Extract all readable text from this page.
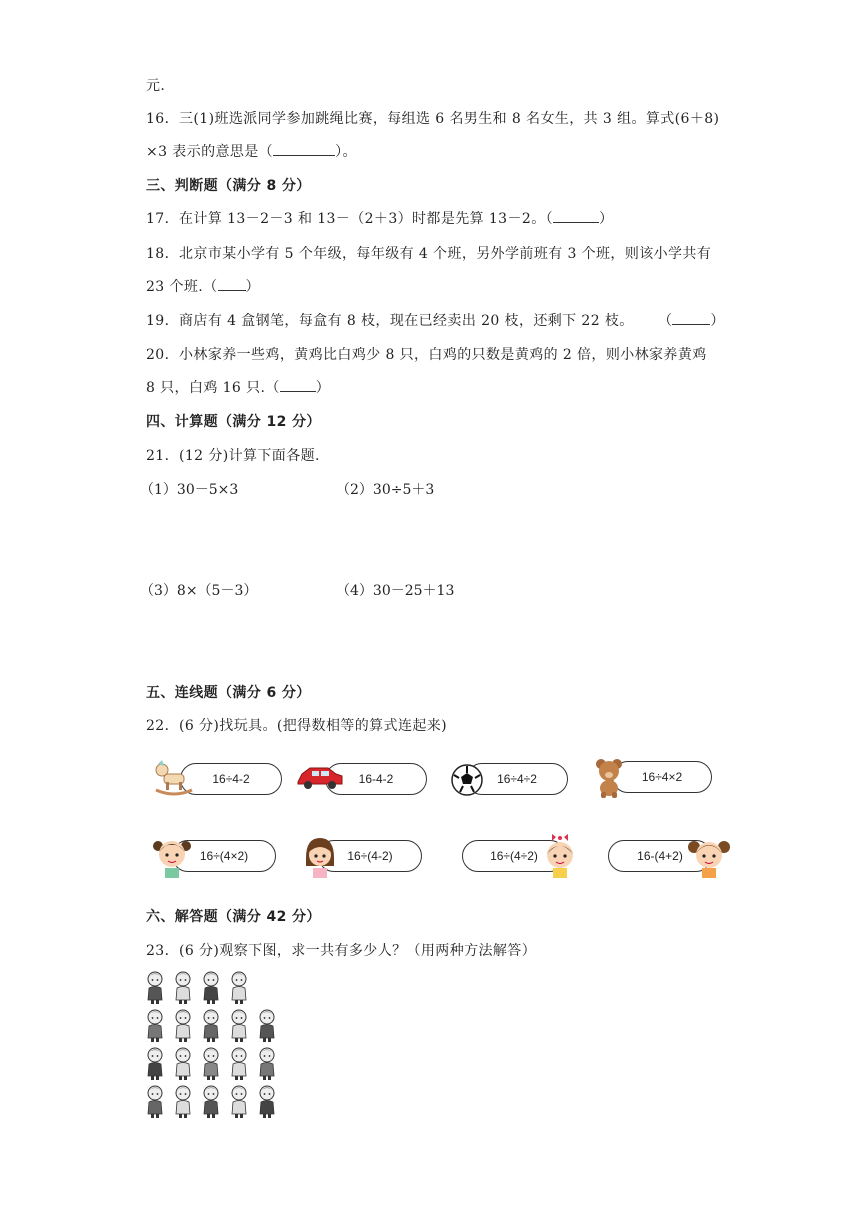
元.
16．三(1)班选派同学参加跳绳比赛，每组选 6 名男生和 8 名女生，共 3 组。算式(6＋8)
×3 表示的意思是（	）。
三、判断题（满分 8 分）
17．在计算 13－2－3 和 13－（2＋3）时都是先算 13－2。（	）
18．北京市某小学有 5 个年级，每年级有 4 个班，另外学前班有 3 个班，则该小学共有
23 个班.（ ）
19．商店有 4 盒钢笔，每盒有 8 枝，现在已经卖出 20 枝，还剩下 22 枝。 （	）
20．小林家养一些鸡，黄鸡比白鸡少 8 只，白鸡的只数是黄鸡的 2 倍，则小林家养黄鸡
8 只，白鸡 16 只.（	）
四、计算题（满分 12 分）
21．(12 分)计算下面各题.
（1）30－5×3	（2）30÷5＋3
（3）8×（5－3）	（4）30－25＋13
五、连线题（满分 6 分）
22．(6 分)找玩具。(把得数相等的算式连起来)
16÷4-2	16-4-2	16÷4÷2	16÷4×2
16÷(4×2)	16÷(4-2)	16÷(4÷2)	16-(4+2)
六、解答题（满分 42 分）
23．(6 分)观察下图，求一共有多少人？（用两种方法解答）
